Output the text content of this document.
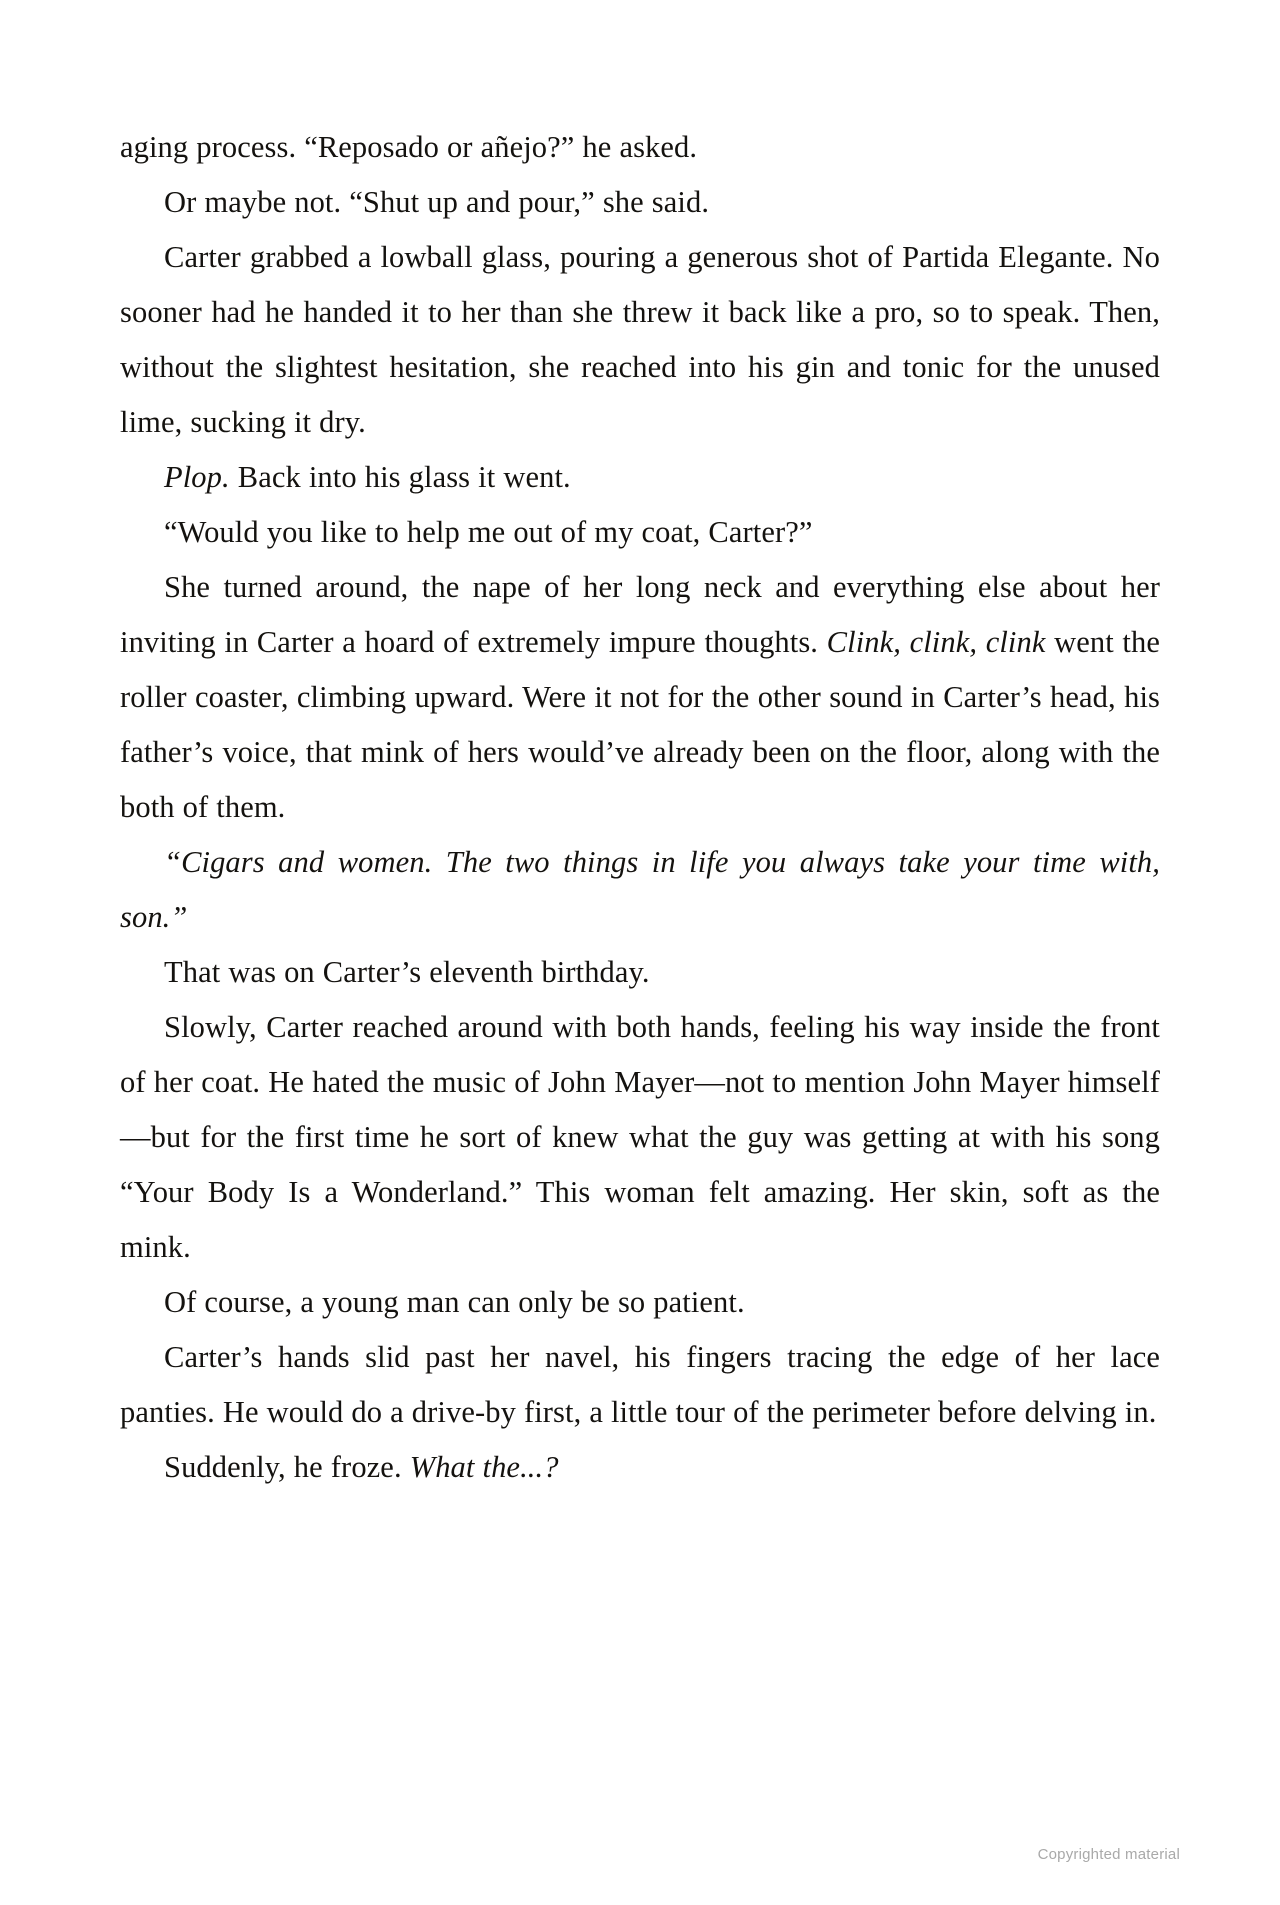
aging process. “Reposado or añejo?” he asked.

Or maybe not. “Shut up and pour,” she said.

Carter grabbed a lowball glass, pouring a generous shot of Partida Elegante. No sooner had he handed it to her than she threw it back like a pro, so to speak. Then, without the slightest hesitation, she reached into his gin and tonic for the unused lime, sucking it dry.

Plop. Back into his glass it went.

“Would you like to help me out of my coat, Carter?”

She turned around, the nape of her long neck and everything else about her inviting in Carter a hoard of extremely impure thoughts. Clink, clink, clink went the roller coaster, climbing upward. Were it not for the other sound in Carter’s head, his father’s voice, that mink of hers would’ve already been on the floor, along with the both of them.

“Cigars and women. The two things in life you always take your time with, son.”

That was on Carter’s eleventh birthday.

Slowly, Carter reached around with both hands, feeling his way inside the front of her coat. He hated the music of John Mayer—not to mention John Mayer himself—but for the first time he sort of knew what the guy was getting at with his song “Your Body Is a Wonderland.” This woman felt amazing. Her skin, soft as the mink.

Of course, a young man can only be so patient.

Carter’s hands slid past her navel, his fingers tracing the edge of her lace panties. He would do a drive-by first, a little tour of the perimeter before delving in.

Suddenly, he froze. What the...?

Copyrighted material
